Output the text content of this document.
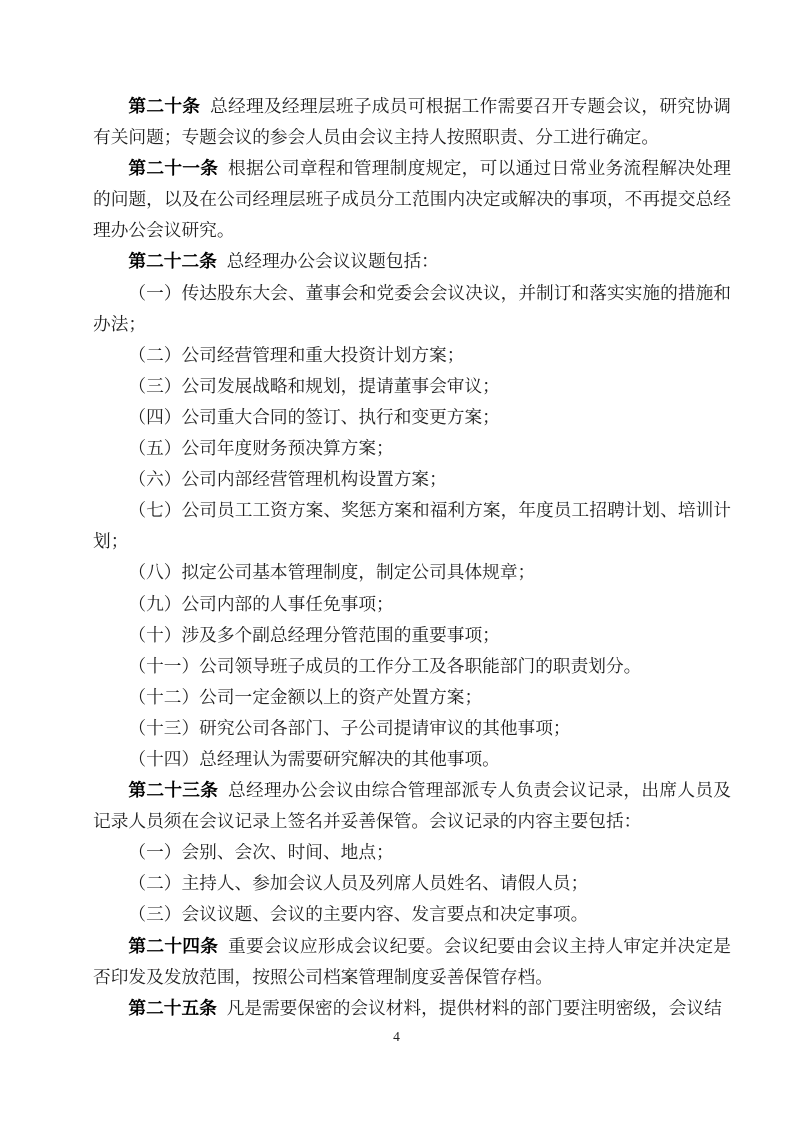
第二十条 总经理及经理层班子成员可根据工作需要召开专题会议，研究协调有关问题；专题会议的参会人员由会议主持人按照职责、分工进行确定。

第二十一条 根据公司章程和管理制度规定，可以通过日常业务流程解决处理的问题，以及在公司经理层班子成员分工范围内决定或解决的事项，不再提交总经理办公会议研究。

第二十二条 总经理办公会议议题包括：

（一）传达股东大会、董事会和党委会会议决议，并制订和落实实施的措施和办法；

（二）公司经营管理和重大投资计划方案；

（三）公司发展战略和规划，提请董事会审议；

（四）公司重大合同的签订、执行和变更方案；

（五）公司年度财务预决算方案；

（六）公司内部经营管理机构设置方案；

（七）公司员工工资方案、奖惩方案和福利方案，年度员工招聘计划、培训计划；

（八）拟定公司基本管理制度，制定公司具体规章；

（九）公司内部的人事任免事项；

（十）涉及多个副总经理分管范围的重要事项；

（十一）公司领导班子成员的工作分工及各职能部门的职责划分。

（十二）公司一定金额以上的资产处置方案；

（十三）研究公司各部门、子公司提请审议的其他事项；

（十四）总经理认为需要研究解决的其他事项。

第二十三条 总经理办公会议由综合管理部派专人负责会议记录，出席人员及记录人员须在会议记录上签名并妥善保管。会议记录的内容主要包括：

（一）会别、会次、时间、地点；

（二）主持人、参加会议人员及列席人员姓名、请假人员；

（三）会议议题、会议的主要内容、发言要点和决定事项。

第二十四条 重要会议应形成会议纪要。会议纪要由会议主持人审定并决定是否印发及发放范围，按照公司档案管理制度妥善保管存档。

第二十五条 凡是需要保密的会议材料，提供材料的部门要注明密级，会议结

4
